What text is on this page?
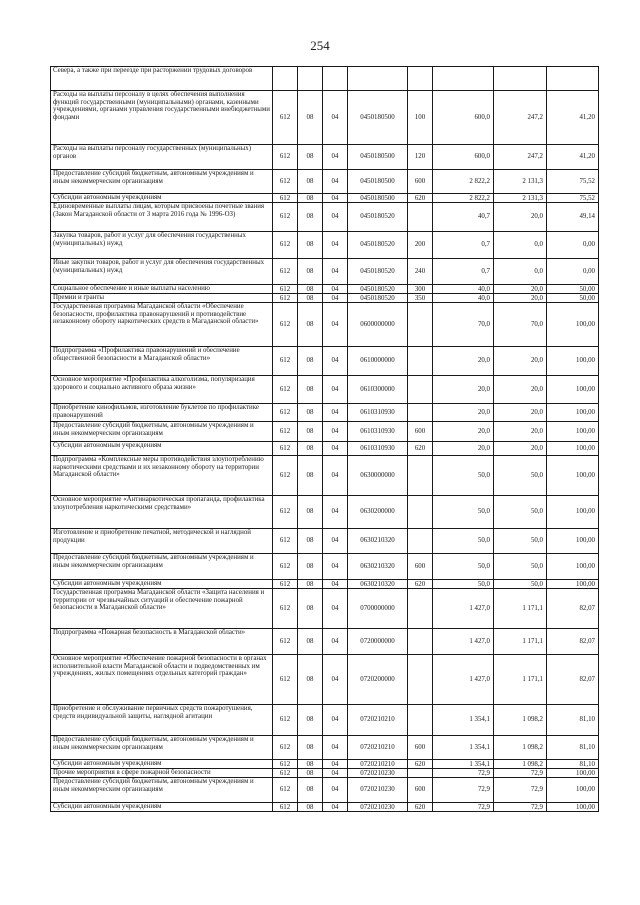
254
Севера, а также при переезде при расторжении трудовых договоров								
Расходы на выплаты персоналу в целях обеспечения выполнения функций государственными (муниципальными) органами, казенными учреждениями, органами управления государственными внебюджетными фондами	612	08	04	0450180500	100	600,0	247,2	41,20
Расходы на выплаты персоналу государственных (муниципальных) органов	612	08	04	0450180500	120	600,0	247,2	41,20
Предоставление субсидий бюджетным, автономным учреждениям и иным некоммерческим организациям	612	08	04	0450180500	600	2 822,2	2 131,3	75,52
Субсидии автономным учреждениям	612	08	04	0450180500	620	2 822,2	2 131,3	75,52
Единовременные выплаты лицам, которым присвоены почетные звания (Закон Магаданской области от 3 марта 2016 года № 1996-ОЗ)	612	08	04	0450180520		40,7	20,0	49,14
Закупка товаров, работ и услуг для обеспечения государственных (муниципальных) нужд	612	08	04	0450180520	200	0,7	0,0	0,00
Иные закупки товаров, работ и услуг для обеспечения государственных (муниципальных) нужд	612	08	04	0450180520	240	0,7	0,0	0,00
Социальное обеспечение и иные выплаты населению	612	08	04	0450180520	300	40,0	20,0	50,00
Премии и гранты	612	08	04	0450180520	350	40,0	20,0	50,00
Государственная программа Магаданской области «Обеспечение безопасности, профилактика правонарушений и противодействие незаконному обороту наркотических средств в Магаданской области»	612	08	04	0600000000		70,0	70,0	100,00
Подпрограмма «Профилактика правонарушений и обеспечение общественной безопасности в Магаданской области»	612	08	04	0610000000		20,0	20,0	100,00
Основное мероприятие «Профилактика алкоголизма, популяризация здорового и социально активного образа жизни»	612	08	04	0610300000		20,0	20,0	100,00
Приобретение кинофильмов, изготовление буклетов по профилактике правонарушений	612	08	04	0610310930		20,0	20,0	100,00
Предоставление субсидий бюджетным, автономным учреждениям и иным некоммерческим организациям	612	08	04	0610310930	600	20,0	20,0	100,00
Субсидии автономным учреждениям	612	08	04	0610310930	620	20,0	20,0	100,00
Подпрограмма «Комплексные меры противодействия злоупотреблению наркотическими средствами и их незаконному обороту на территории Магаданской области»	612	08	04	0630000000		50,0	50,0	100,00
Основное мероприятие «Антинаркотическая пропаганда, профилактика злоупотребления наркотическими средствами»	612	08	04	0630200000		50,0	50,0	100,00
Изготовление и приобретение печатной, методической и наглядной продукции	612	08	04	0630210320		50,0	50,0	100,00
Предоставление субсидий бюджетным, автономным учреждениям и иным некоммерческим организациям	612	08	04	0630210320	600	50,0	50,0	100,00
Субсидии автономным учреждениям	612	08	04	0630210320	620	50,0	50,0	100,00
Государственная программа Магаданской области «Защита населения и территории от чрезвычайных ситуаций и обеспечение пожарной безопасности в Магаданской области»	612	08	04	0700000000		1 427,0	1 171,1	82,07
Подпрограмма «Пожарная безопасность в Магаданской области»	612	08	04	0720000000		1 427,0	1 171,1	82,07
Основное мероприятие «Обеспечение пожарной безопасности в органах исполнительной власти Магаданской области и подведомственных им учреждениях, жилых помещениях отдельных категорий граждан»	612	08	04	0720200000		1 427,0	1 171,1	82,07
Приобретение и обслуживание первичных средств пожаротушения, средств индивидуальной защиты, наглядной агитации	612	08	04	0720210210		1 354,1	1 098,2	81,10
Предоставление субсидий бюджетным, автономным учреждениям и иным некоммерческим организациям	612	08	04	0720210210	600	1 354,1	1 098,2	81,10
Субсидии автономным учреждениям	612	08	04	0720210210	620	1 354,1	1 098,2	81,10
Прочие мероприятия в сфере пожарной безопасности	612	08	04	0720210230		72,9	72,9	100,00
Предоставление субсидий бюджетным, автономным учреждениям и иным некоммерческим организациям	612	08	04	0720210230	600	72,9	72,9	100,00
Субсидии автономным учреждениям	612	08	04	0720210230	620	72,9	72,9	100,00
